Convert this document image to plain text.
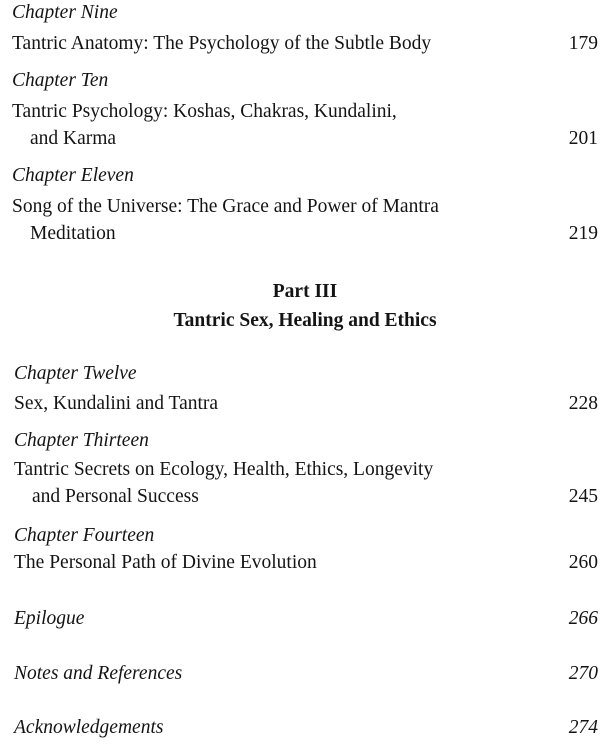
Chapter Nine
Tantric Anatomy: The Psychology of the Subtle Body	179
Chapter Ten
Tantric Psychology: Koshas, Chakras, Kundalini,
and Karma	201
Chapter Eleven
Song of the Universe: The Grace and Power of Mantra
Meditation	219
Part III
Tantric Sex, Healing and Ethics
Chapter Twelve
Sex, Kundalini and Tantra	228
Chapter Thirteen
Tantric Secrets on Ecology, Health, Ethics, Longevity
and Personal Success	245
Chapter Fourteen
The Personal Path of Divine Evolution	260
Epilogue	266
Notes and References	270
Acknowledgements	274
